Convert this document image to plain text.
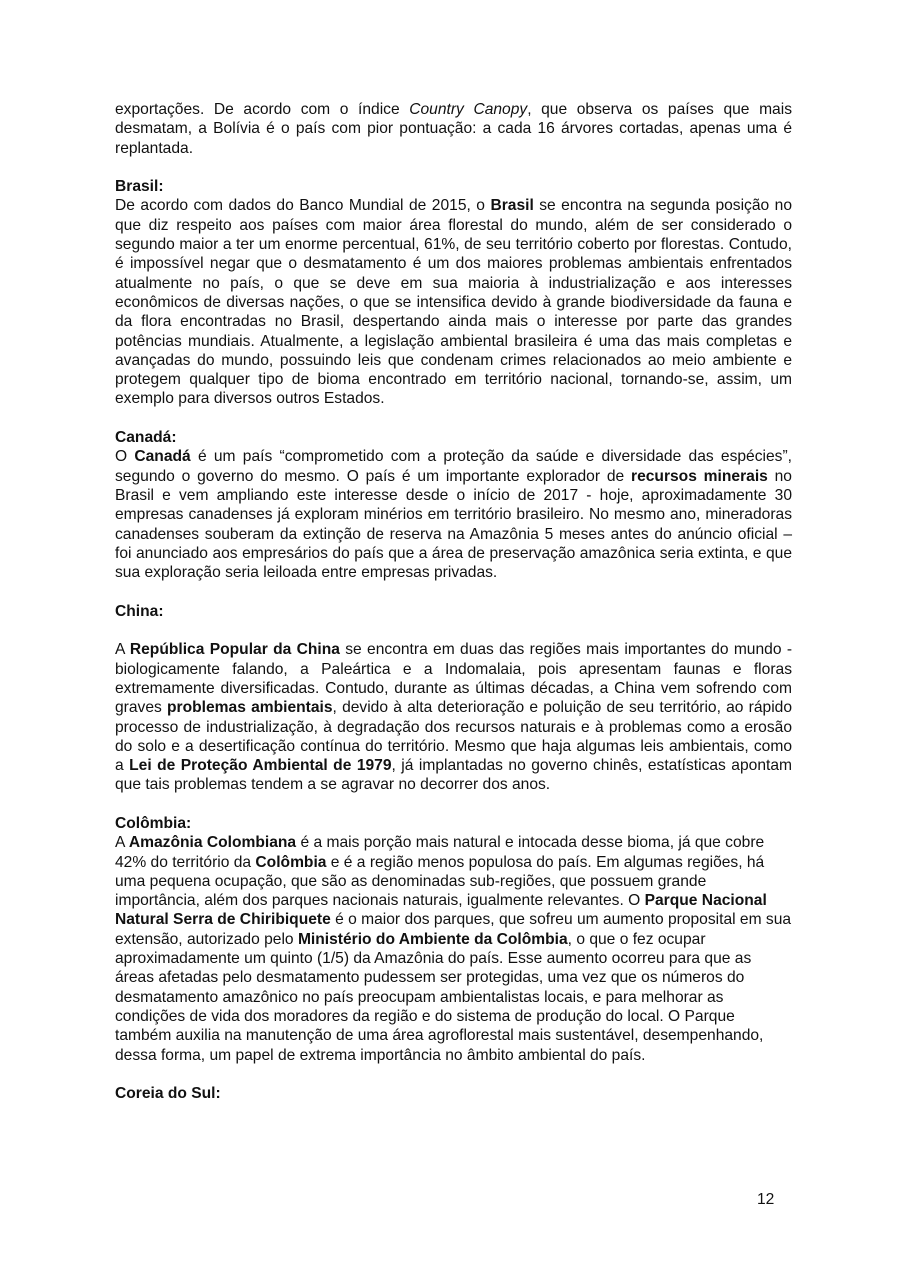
exportações. De acordo com o índice Country Canopy, que observa os países que mais desmatam, a Bolívia é o país com pior pontuação: a cada 16 árvores cortadas, apenas uma é replantada.

Brasil:

De acordo com dados do Banco Mundial de 2015, o Brasil se encontra na segunda posição no que diz respeito aos países com maior área florestal do mundo, além de ser considerado o segundo maior a ter um enorme percentual, 61%, de seu território coberto por florestas. Contudo, é impossível negar que o desmatamento é um dos maiores problemas ambientais enfrentados atualmente no país, o que se deve em sua maioria à industrialização e aos interesses econômicos de diversas nações, o que se intensifica devido à grande biodiversidade da fauna e da flora encontradas no Brasil, despertando ainda mais o interesse por parte das grandes potências mundiais. Atualmente, a legislação ambiental brasileira é uma das mais completas e avançadas do mundo, possuindo leis que condenam crimes relacionados ao meio ambiente e protegem qualquer tipo de bioma encontrado em território nacional, tornando-se, assim, um exemplo para diversos outros Estados.

Canadá:

O Canadá é um país “comprometido com a proteção da saúde e diversidade das espécies”, segundo o governo do mesmo. O país é um importante explorador de recursos minerais no Brasil e vem ampliando este interesse desde o início de 2017 - hoje, aproximadamente 30 empresas canadenses já exploram minérios em território brasileiro. No mesmo ano, mineradoras canadenses souberam da extinção de reserva na Amazônia 5 meses antes do anúncio oficial – foi anunciado aos empresários do país que a área de preservação amazônica seria extinta, e que sua exploração seria leiloada entre empresas privadas.

China:

A República Popular da China se encontra em duas das regiões mais importantes do mundo - biologicamente falando, a Paleártica e a Indomalaia, pois apresentam faunas e floras extremamente diversificadas. Contudo, durante as últimas décadas, a China vem sofrendo com graves problemas ambientais, devido à alta deterioração e poluição de seu território, ao rápido processo de industrialização, à degradação dos recursos naturais e à problemas como a erosão do solo e a desertificação contínua do território. Mesmo que haja algumas leis ambientais, como a Lei de Proteção Ambiental de 1979, já implantadas no governo chinês, estatísticas apontam que tais problemas tendem a se agravar no decorrer dos anos.

Colômbia:

A Amazônia Colombiana é a mais porção mais natural e intocada desse bioma, já que cobre 42% do território da Colômbia e é a região menos populosa do país. Em algumas regiões, há uma pequena ocupação, que são as denominadas sub-regiões, que possuem grande importância, além dos parques nacionais naturais, igualmente relevantes. O Parque Nacional Natural Serra de Chiribiquete é o maior dos parques, que sofreu um aumento proposital em sua extensão, autorizado pelo Ministério do Ambiente da Colômbia, o que o fez ocupar aproximadamente um quinto (1/5) da Amazônia do país. Esse aumento ocorreu para que as áreas afetadas pelo desmatamento pudessem ser protegidas, uma vez que os números do desmatamento amazônico no país preocupam ambientalistas locais, e para melhorar as condições de vida dos moradores da região e do sistema de produção do local. O Parque também auxilia na manutenção de uma área agroflorestal mais sustentável, desempenhando, dessa forma, um papel de extrema importância no âmbito ambiental do país.

Coreia do Sul:

12
